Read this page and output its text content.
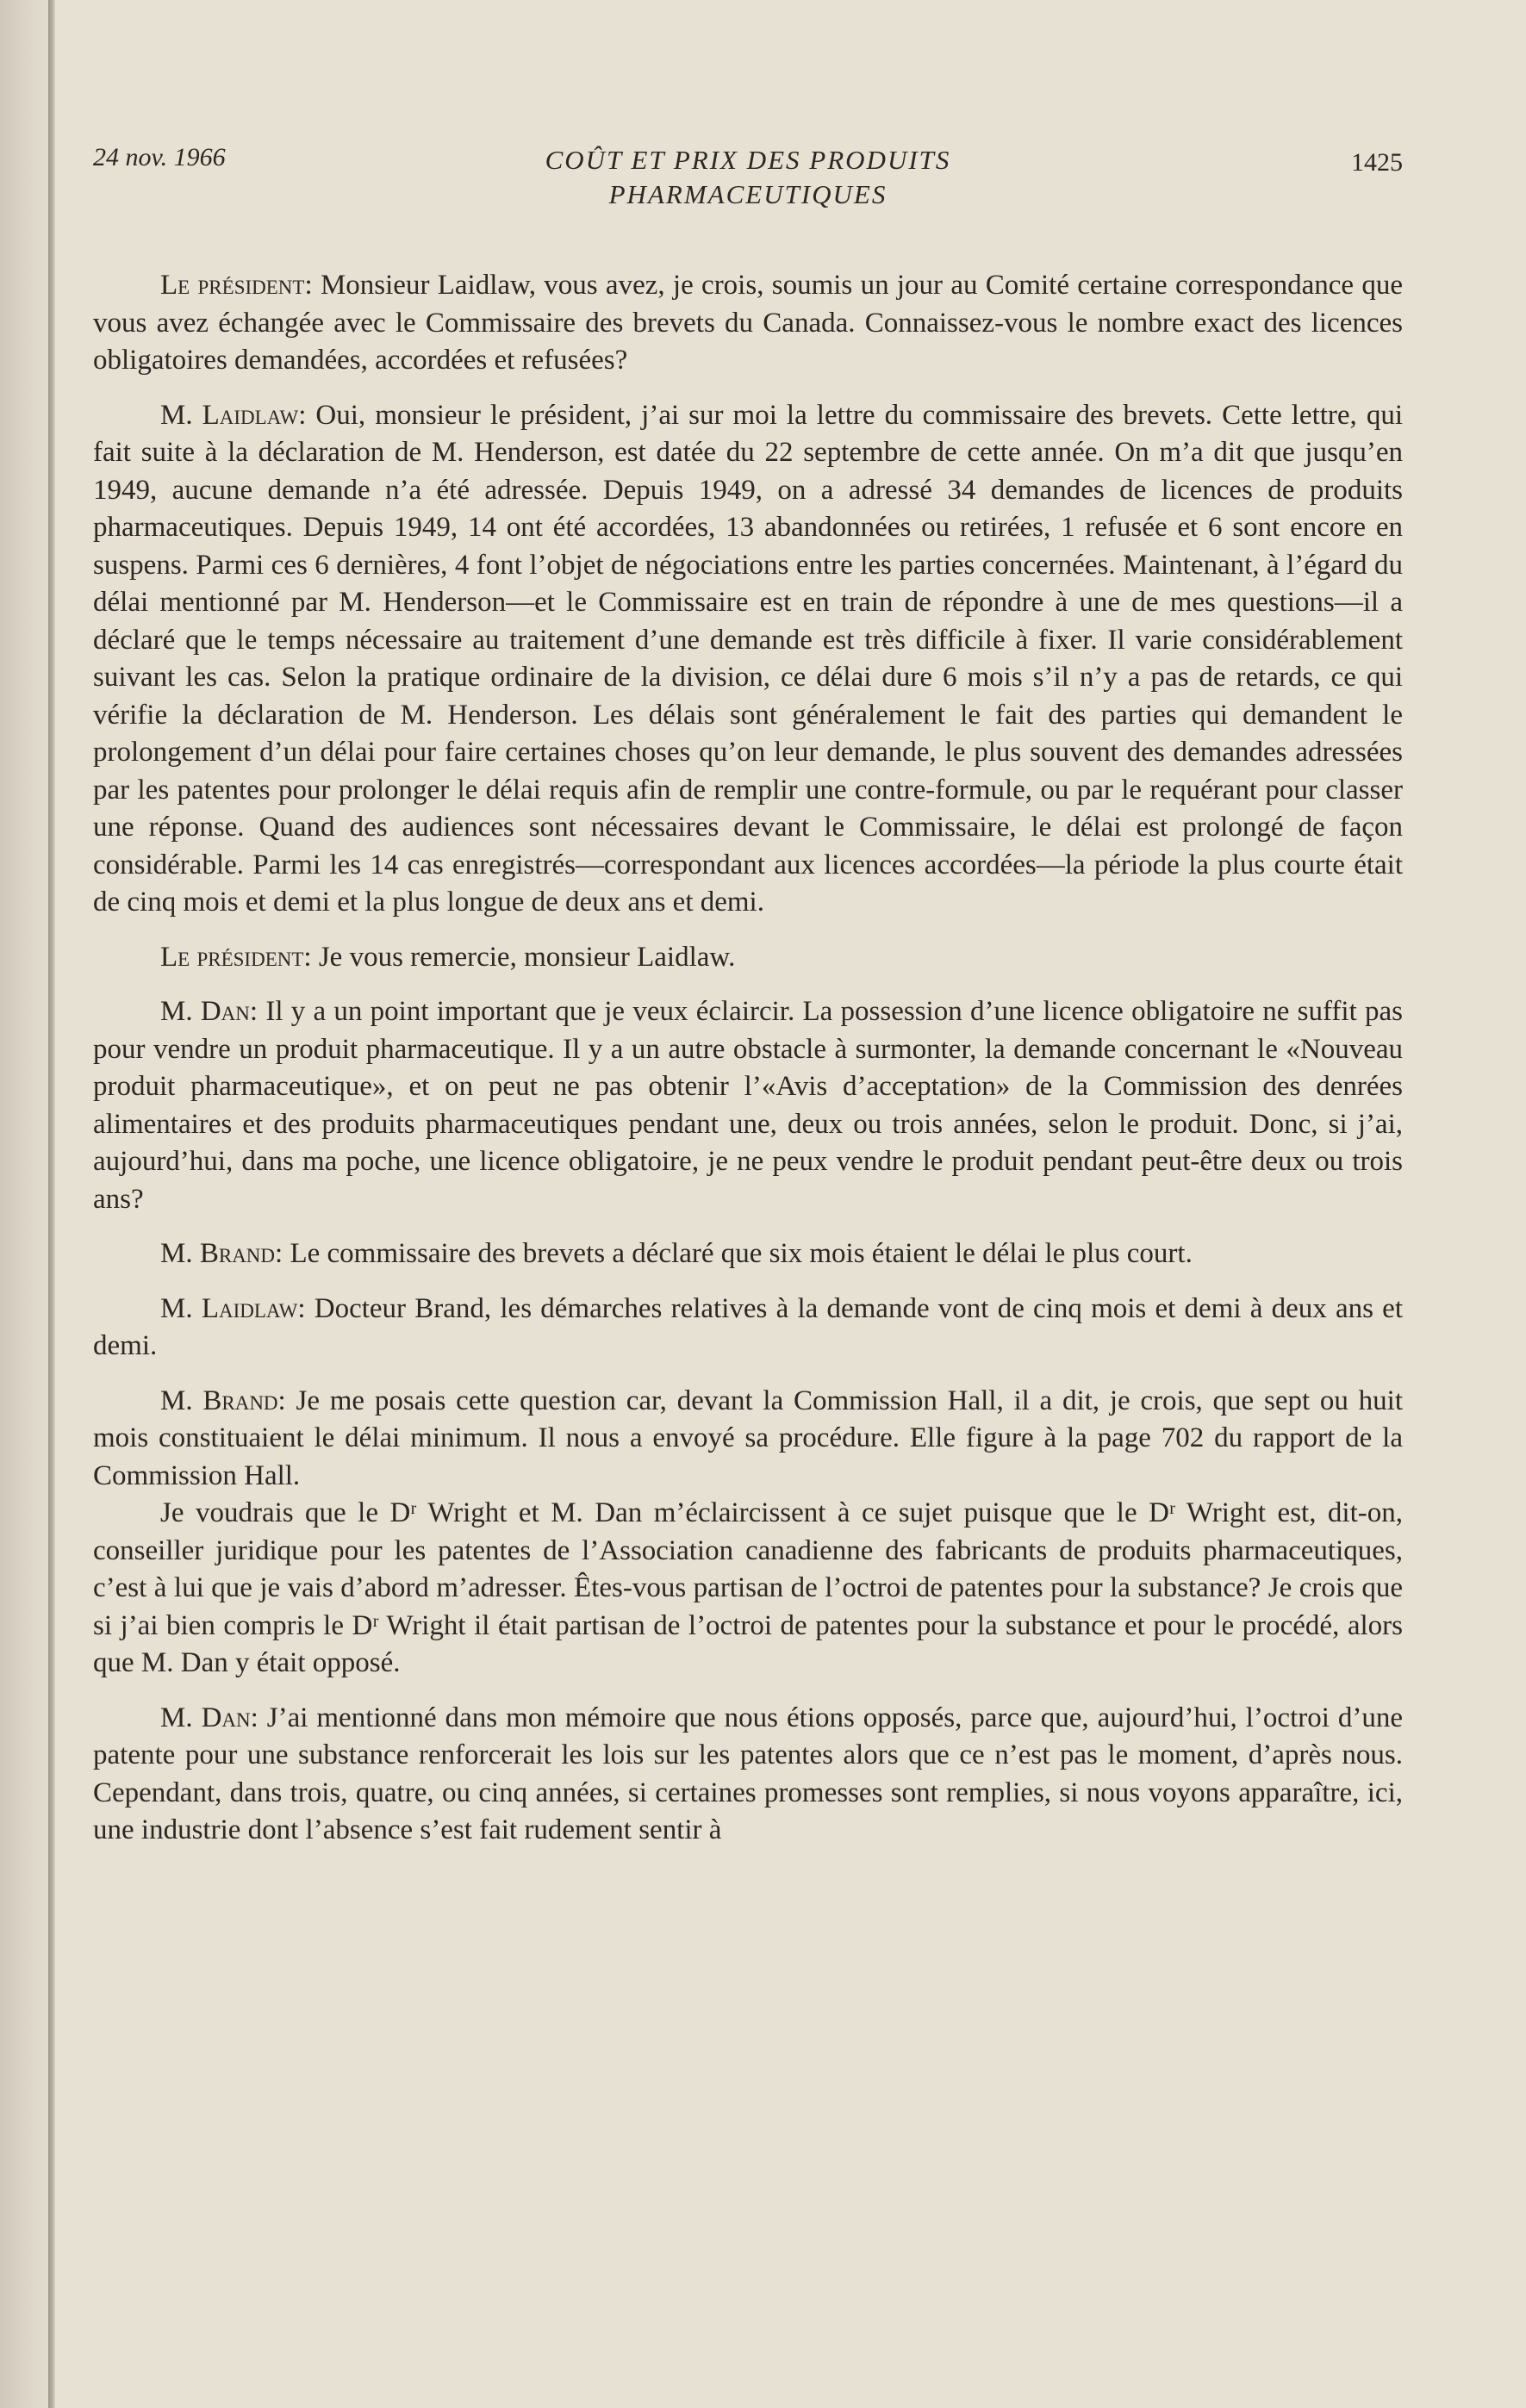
24 nov. 1966	COÛT ET PRIX DES PRODUITS
PHARMACEUTIQUES
1425

Le président: Monsieur Laidlaw, vous avez, je crois, soumis un jour au Comité certaine correspondance que vous avez échangée avec le Commissaire des brevets du Canada. Connaissez-vous le nombre exact des licences obligatoires demandées, accordées et refusées?

M. Laidlaw: Oui, monsieur le président, j’ai sur moi la lettre du commissaire des brevets. Cette lettre, qui fait suite à la déclaration de M. Henderson, est datée du 22 septembre de cette année. On m’a dit que jusqu’en 1949, aucune demande n’a été adressée. Depuis 1949, on a adressé 34 demandes de licences de produits pharmaceutiques. Depuis 1949, 14 ont été accordées, 13 abandonnées ou retirées, 1 refusée et 6 sont encore en suspens. Parmi ces 6 dernières, 4 font l’objet de négociations entre les parties concernées. Maintenant, à l’égard du délai mentionné par M. Henderson—et le Commissaire est en train de répondre à une de mes questions—il a déclaré que le temps nécessaire au traitement d’une demande est très difficile à fixer. Il varie considérablement suivant les cas. Selon la pratique ordinaire de la division, ce délai dure 6 mois s’il n’y a pas de retards, ce qui vérifie la déclaration de M. Henderson. Les délais sont généralement le fait des parties qui demandent le prolongement d’un délai pour faire certaines choses qu’on leur demande, le plus souvent des demandes adressées par les patentes pour prolonger le délai requis afin de remplir une contre-formule, ou par le requérant pour classer une réponse. Quand des audiences sont nécessaires devant le Commissaire, le délai est prolongé de façon considérable. Parmi les 14 cas enregistrés—correspondant aux licences accordées—la période la plus courte était de cinq mois et demi et la plus longue de deux ans et demi.

Le président: Je vous remercie, monsieur Laidlaw.

M. Dan: Il y a un point important que je veux éclaircir. La possession d’une licence obligatoire ne suffit pas pour vendre un produit pharmaceutique. Il y a un autre obstacle à surmonter, la demande concernant le «Nouveau produit pharmaceutique», et on peut ne pas obtenir l’«Avis d’acceptation» de la Commission des denrées alimentaires et des produits pharmaceutiques pendant une, deux ou trois années, selon le produit. Donc, si j’ai, aujourd’hui, dans ma poche, une licence obligatoire, je ne peux vendre le produit pendant peut-être deux ou trois ans?

M. Brand: Le commissaire des brevets a déclaré que six mois étaient le délai le plus court.

M. Laidlaw: Docteur Brand, les démarches relatives à la demande vont de cinq mois et demi à deux ans et demi.

M. Brand: Je me posais cette question car, devant la Commission Hall, il a dit, je crois, que sept ou huit mois constituaient le délai minimum. Il nous a envoyé sa procédure. Elle figure à la page 702 du rapport de la Commission Hall.

Je voudrais que le Dʳ Wright et M. Dan m’éclaircissent à ce sujet puisque que le Dʳ Wright est, dit-on, conseiller juridique pour les patentes de l’Association canadienne des fabricants de produits pharmaceutiques, c’est à lui que je vais d’abord m’adresser. Êtes-vous partisan de l’octroi de patentes pour la substance? Je crois que si j’ai bien compris le Dʳ Wright il était partisan de l’octroi de patentes pour la substance et pour le procédé, alors que M. Dan y était opposé.

M. Dan: J’ai mentionné dans mon mémoire que nous étions opposés, parce que, aujourd’hui, l’octroi d’une patente pour une substance renforcerait les lois sur les patentes alors que ce n’est pas le moment, d’après nous. Cependant, dans trois, quatre, ou cinq années, si certaines promesses sont remplies, si nous voyons apparaître, ici, une industrie dont l’absence s’est fait rudement sentir à
